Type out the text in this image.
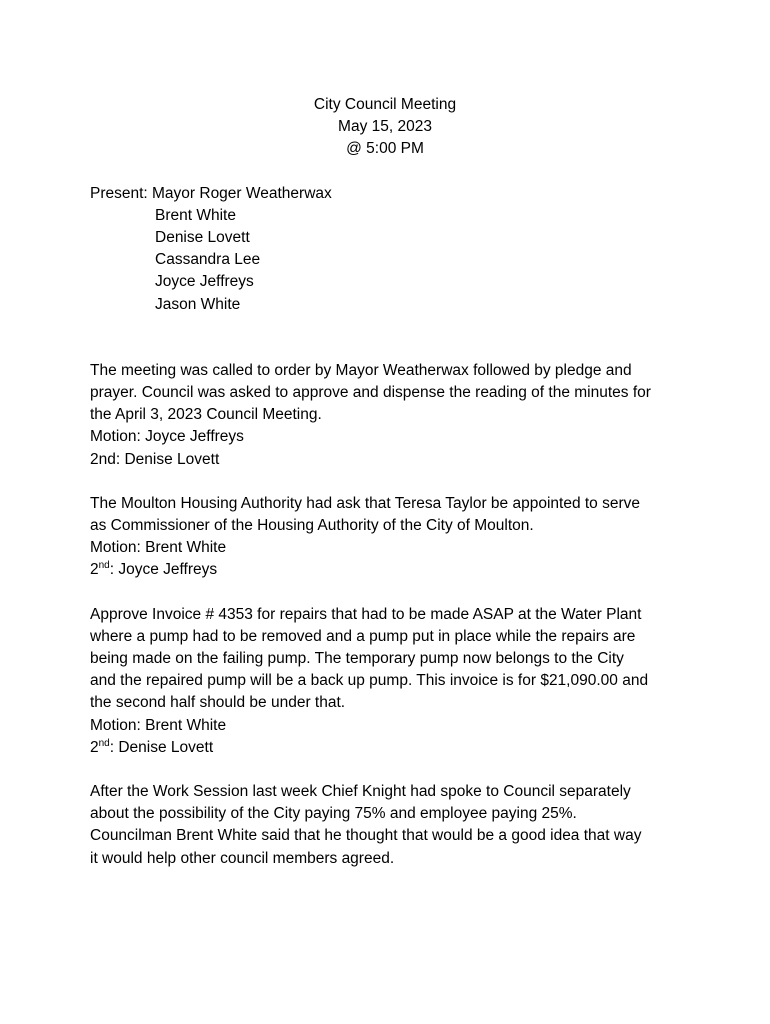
City Council Meeting
May 15, 2023
@ 5:00 PM
Present: Mayor Roger Weatherwax
Brent White
Denise Lovett
Cassandra Lee
Joyce Jeffreys
Jason White
The meeting was called to order by Mayor Weatherwax followed by pledge and
prayer. Council was asked to approve and dispense the reading of the minutes for
the April 3, 2023 Council Meeting.
Motion: Joyce Jeffreys
2nd: Denise Lovett
The Moulton Housing Authority had ask that Teresa Taylor be appointed to serve
as Commissioner of the Housing Authority of the City of Moulton.
Motion: Brent White
2nd: Joyce Jeffreys
Approve Invoice # 4353 for repairs that had to be made ASAP at the Water Plant
where a pump had to be removed and a pump put in place while the repairs are
being made on the failing pump. The temporary pump now belongs to the City
and the repaired pump will be a back up pump. This invoice is for $21,090.00 and
the second half should be under that.
Motion: Brent White
2nd: Denise Lovett
After the Work Session last week Chief Knight had spoke to Council separately
about the possibility of the City paying 75% and employee paying 25%.
Councilman Brent White said that he thought that would be a good idea that way
it would help other council members agreed.
